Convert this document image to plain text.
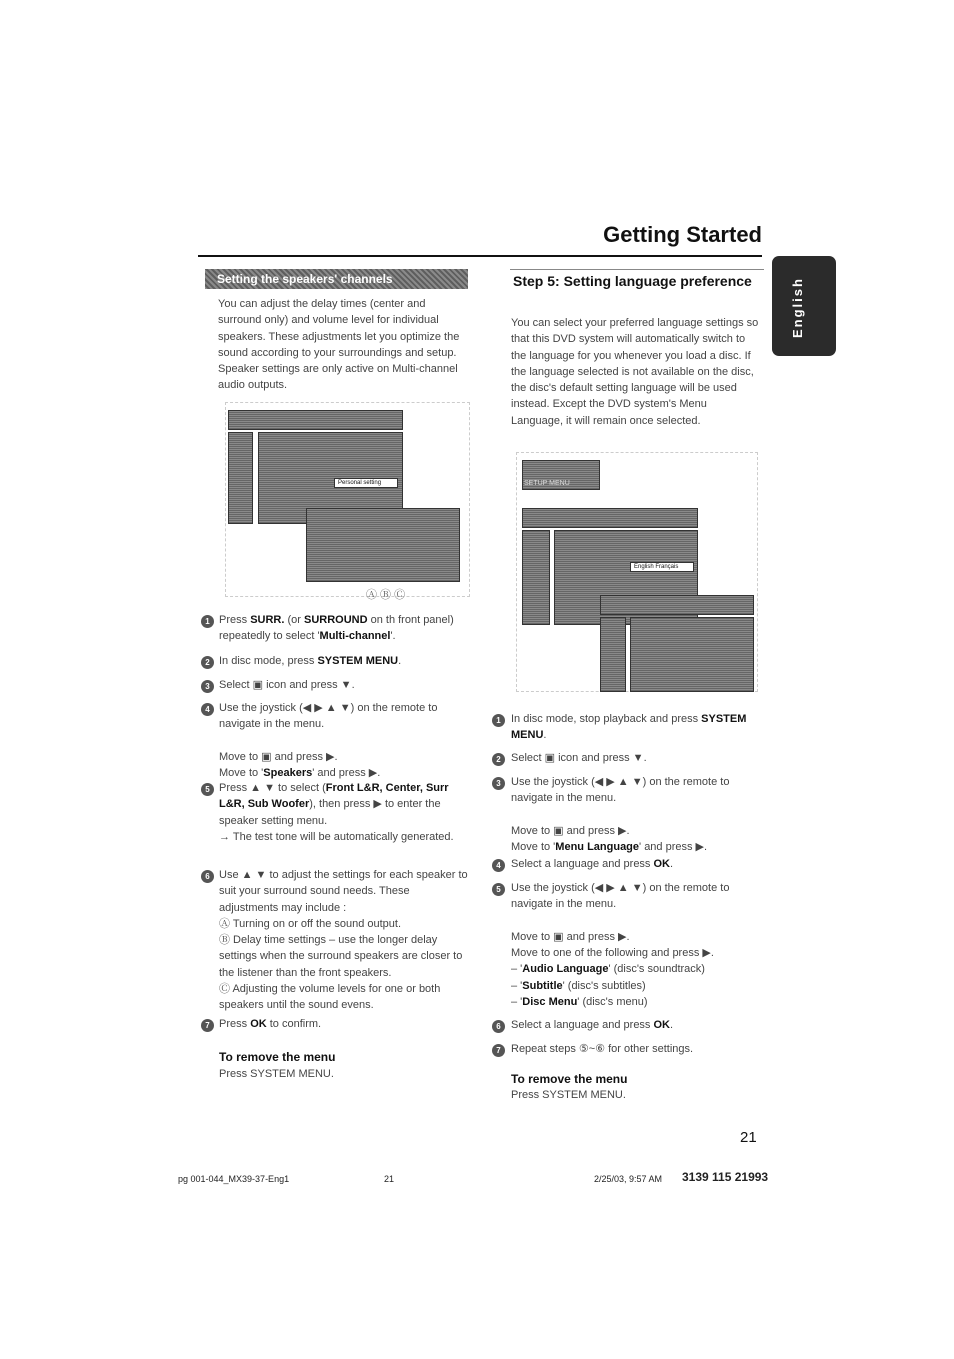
Getting Started
English
Setting the speakers' channels
You can adjust the delay times (center and surround only) and volume level for individual speakers. These adjustments let you optimize the sound according to your surroundings and setup. Speaker settings are only active on Multi-channel audio outputs.
Personal setting
Ⓐ Ⓑ Ⓒ
1 Press SURR. (or SURROUND on th front panel) repeatedly to select 'Multi-channel'.
2 In disc mode, press SYSTEM MENU.
3 Select ▣ icon and press ▼.
4 Use the joystick (◀ ▶ ▲ ▼) on the remote to navigate in the menu.

Move to ▣ and press ▶.
Move to 'Speakers' and press ▶.
5 Press ▲ ▼ to select (Front L&R, Center, Surr L&R, Sub Woofer), then press ▶ to enter the speaker setting menu.
→ The test tone will be automatically generated.
6 Use ▲ ▼ to adjust the settings for each speaker to suit your surround sound needs. These adjustments may include :
Ⓐ Turning on or off the sound output.
Ⓑ Delay time settings – use the longer delay settings when the surround speakers are closer to the listener than the front speakers.
Ⓒ Adjusting the volume levels for one or both speakers until the sound evens.
7 Press OK to confirm.
To remove the menu
Press SYSTEM MENU.
Step 5: Setting language preference
You can select your preferred language settings so that this DVD system will automatically switch to the language for you whenever you load a disc. If the language selected is not available on the disc, the disc's default setting language will be used instead. Except the DVD system's Menu Language, it will remain once selected.
SETUP MENU
English Français
1 In disc mode, stop playback and press SYSTEM MENU.
2 Select ▣ icon and press ▼.
3 Use the joystick (◀ ▶ ▲ ▼) on the remote to navigate in the menu.

Move to ▣ and press ▶.
Move to 'Menu Language' and press ▶.
4 Select a language and press OK.
5 Use the joystick (◀ ▶ ▲ ▼) on the remote to navigate in the menu.

Move to ▣ and press ▶.
Move to one of the following and press ▶.
– 'Audio Language' (disc's soundtrack)
– 'Subtitle' (disc's subtitles)
– 'Disc Menu' (disc's menu)
6 Select a language and press OK.
7 Repeat steps ⑤~⑥ for other settings.
To remove the menu
Press SYSTEM MENU.
21
pg 001-044_MX39-37-Eng1	21	2/25/03, 9:57 AM 3139 115 21993
